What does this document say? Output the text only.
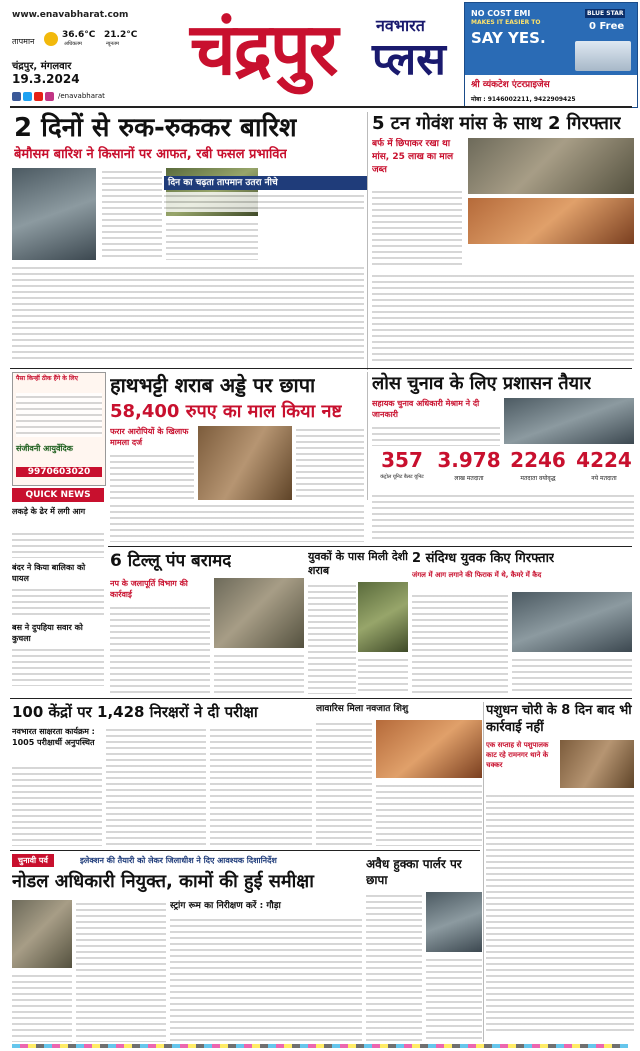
www.enavabharat.com
तापमान
36.6°C
अधिकतम
21.2°C
न्यूनतम
चंद्रपुर, मंगलवार
19.3.2024
/enavabharat
चंद्रपुर नवभारत
प्लस
NO COST EMI
MAKES IT EASIER TO
SAY YES.
BLUE STAR
0 Free
श्री व्यंकटेश एंटरप्राइजेस
मोबा : 9146002211, 9422909425
2 दिनों से रुक-रुककर बारिश
बेमौसम बारिश ने किसानों पर आफत, रबी फसल प्रभावित
दिन का चढ़ता तापमान उतरा नीचे
5 टन गोवंश मांस के साथ 2 गिरफ्तार
बर्फ में छिपाकर रखा था मांस, 25 लाख का माल जब्त
हाथभट्टी शराब अड्डे पर छापा
58,400 रुपए का माल किया नष्ट
फरार आरोपियों के खिलाफ मामला दर्ज
पैसा किन्हीं ठीक हैंगे के लिए
संजीवनी आयुर्वेदिक
9970603020
QUICK NEWS
लकड़े के ढेर में लगी आग
बंदर ने किया बालिका को घायल
बस ने दुपहिया सवार को कुचला
लोस चुनाव के लिए प्रशासन तैयार
सहायक चुनाव अधिकारी मेश्राम ने दी जानकारी
357
कंट्रोल यूनिट बैलट यूनिट
3.978
लाख मतदाता
2246
मतदाता वयोवृद्ध
4224
नये मतदाता
6 टिल्लू पंप बरामद
नप के जलापूर्ति विभाग की कार्रवाई
युवकों के पास मिली देशी शराब
2 संदिग्ध युवक किए गिरफ्तार
जंगल में आग लगाने की फिराक में थे, कैमरे में कैद
100 केंद्रों पर 1,428 निरक्षरों ने दी परीक्षा
नवभारत साक्षरता कार्यक्रम : 1005 परीक्षार्थी अनुपस्थित
लावारिस मिला नवजात शिशु	पशुधन चोरी के 8 दिन बाद भी कार्रवाई नहीं
एक सप्ताह से पशुपालक काट रहे रामनगर थाने के चक्कर
चुनावी पर्व	इलेक्शन की तैयारी को लेकर जिलाधीश ने दिए आवश्यक दिशानिर्देश
नोडल अधिकारी नियुक्त, कामों की हुई समीक्षा
स्ट्रांग रूम का निरीक्षण करें : गौड़ा
अवैध हुक्का पार्लर पर छापा
